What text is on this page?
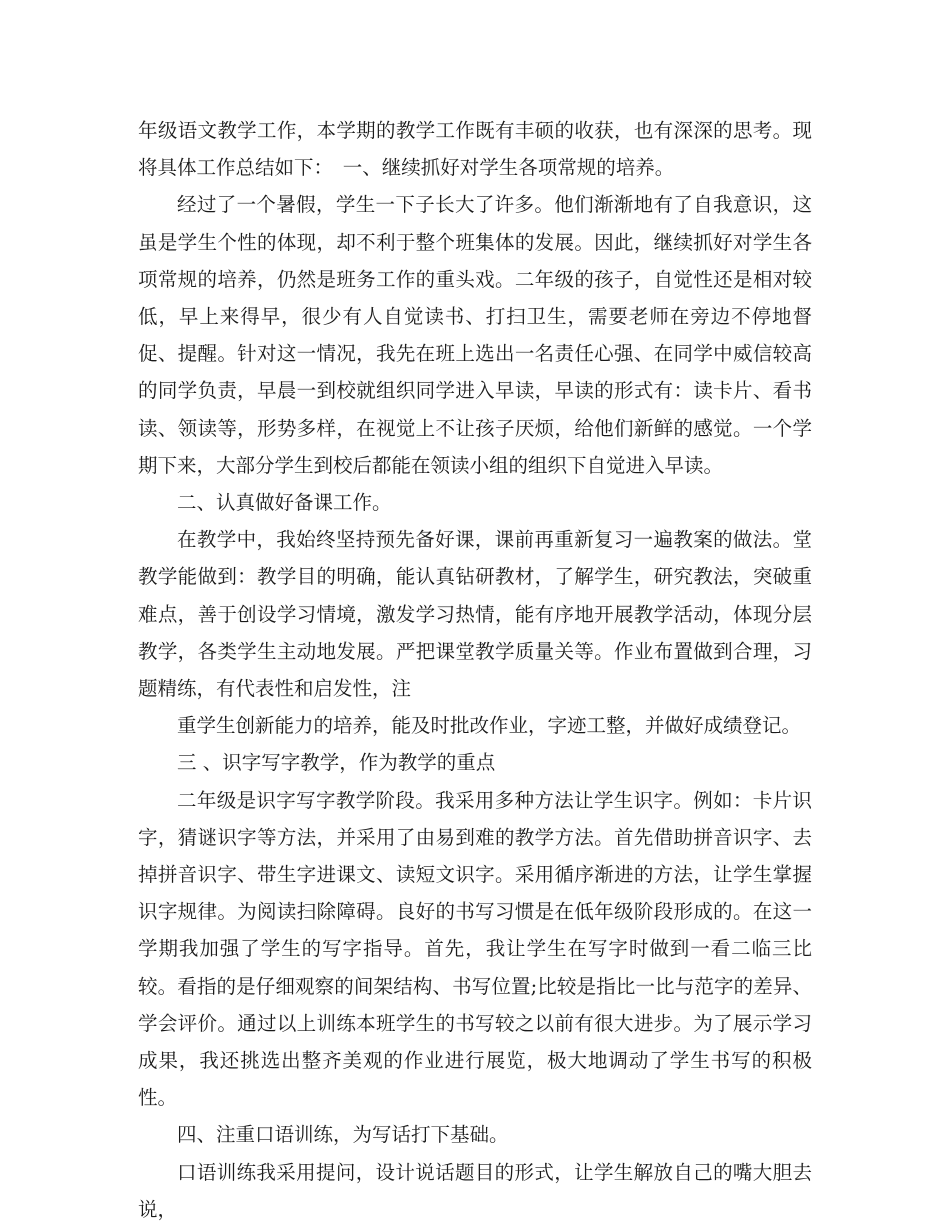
年级语文教学工作，本学期的教学工作既有丰硕的收获，也有深深的思考。现将具体工作总结如下：　一、继续抓好对学生各项常规的培养。

经过了一个暑假，学生一下子长大了许多。他们渐渐地有了自我意识，这虽是学生个性的体现，却不利于整个班集体的发展。因此，继续抓好对学生各项常规的培养，仍然是班务工作的重头戏。二年级的孩子，自觉性还是相对较低，早上来得早，很少有人自觉读书、打扫卫生，需要老师在旁边不停地督促、提醒。针对这一情况，我先在班上选出一名责任心强、在同学中威信较高的同学负责，早晨一到校就组织同学进入早读，早读的形式有：读卡片、看书读、领读等，形势多样，在视觉上不让孩子厌烦，给他们新鲜的感觉。一个学期下来，大部分学生到校后都能在领读小组的组织下自觉进入早读。

二、认真做好备课工作。

在教学中，我始终坚持预先备好课，课前再重新复习一遍教案的做法。堂教学能做到：教学目的明确，能认真钻研教材，了解学生，研究教法，突破重难点，善于创设学习情境，激发学习热情，能有序地开展教学活动，体现分层教学，各类学生主动地发展。严把课堂教学质量关等。作业布置做到合理，习题精练，有代表性和启发性，注

重学生创新能力的培养，能及时批改作业，字迹工整，并做好成绩登记。

三 、识字写字教学，作为教学的重点

二年级是识字写字教学阶段。我采用多种方法让学生识字。例如：卡片识字，猜谜识字等方法，并采用了由易到难的教学方法。首先借助拼音识字、去掉拼音识字、带生字进课文、读短文识字。采用循序渐进的方法，让学生掌握识字规律。为阅读扫除障碍。良好的书写习惯是在低年级阶段形成的。在这一学期我加强了学生的写字指导。首先，我让学生在写字时做到一看二临三比较。看指的是仔细观察的间架结构、书写位置;比较是指比一比与范字的差异、学会评价。通过以上训练本班学生的书写较之以前有很大进步。为了展示学习成果，我还挑选出整齐美观的作业进行展览，极大地调动了学生书写的积极性。

四、注重口语训练，为写话打下基础。

口语训练我采用提问，设计说话题目的形式，让学生解放自己的嘴大胆去说，
